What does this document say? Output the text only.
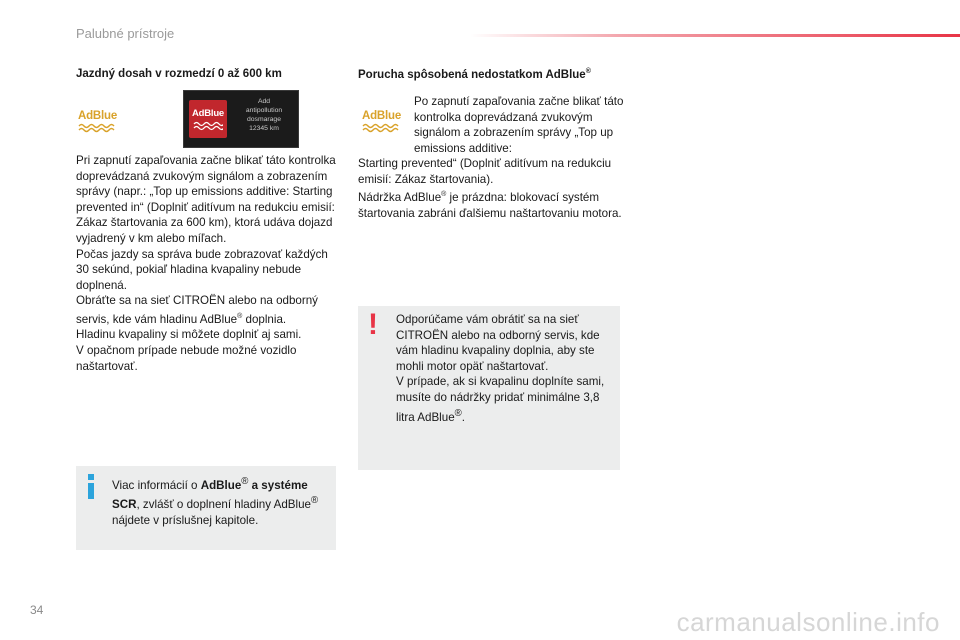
Palubné prístroje
Jazdný dosah v rozmedzí 0 až 600 km
AdBlue	AdBlue
Add
antipollution
dosmarage
12345 km

Pri zapnutí zapaľovania začne blikať táto kontrolka doprevádzaná zvukovým signálom a zobrazením správy (napr.: „Top up emissions additive: Starting prevented in“ (Doplniť aditívum na redukciu emisií: Zákaz štartovania za 600 km), ktorá udáva dojazd vyjadrený v km alebo míľach.

Počas jazdy sa správa bude zobrazovať každých 30 sekúnd, pokiaľ hladina kvapaliny nebude doplnená.

Obráťte sa na sieť CITROËN alebo na odborný servis, kde vám hladinu AdBlue® doplnia.

Hladinu kvapaliny si môžete doplniť aj sami.

V opačnom prípade nebude možné vozidlo naštartovať.

Viac informácií o AdBlue® a systéme SCR, zvlášť o doplnení hladiny AdBlue® nájdete v príslušnej kapitole.
Porucha spôsobená nedostatkom AdBlue®
AdBlue
Po zapnutí zapaľovania začne blikať táto kontrolka doprevádzaná zvukovým signálom a zobrazením správy „Top up emissions additive:

Starting prevented“ (Doplniť aditívum na redukciu emisií: Zákaz štartovania).

Nádržka AdBlue® je prázdna: blokovací systém štartovania zabráni ďalšiemu naštartovaniu motora.

! Odporúčame vám obrátiť sa na sieť CITROËN alebo na odborný servis, kde vám hladinu kvapaliny doplnia, aby ste mohli motor opäť naštartovať.

V prípade, ak si kvapalinu doplníte sami, musíte do nádržky pridať minimálne 3,8 litra AdBlue®.

34	carmanualsonline.info
